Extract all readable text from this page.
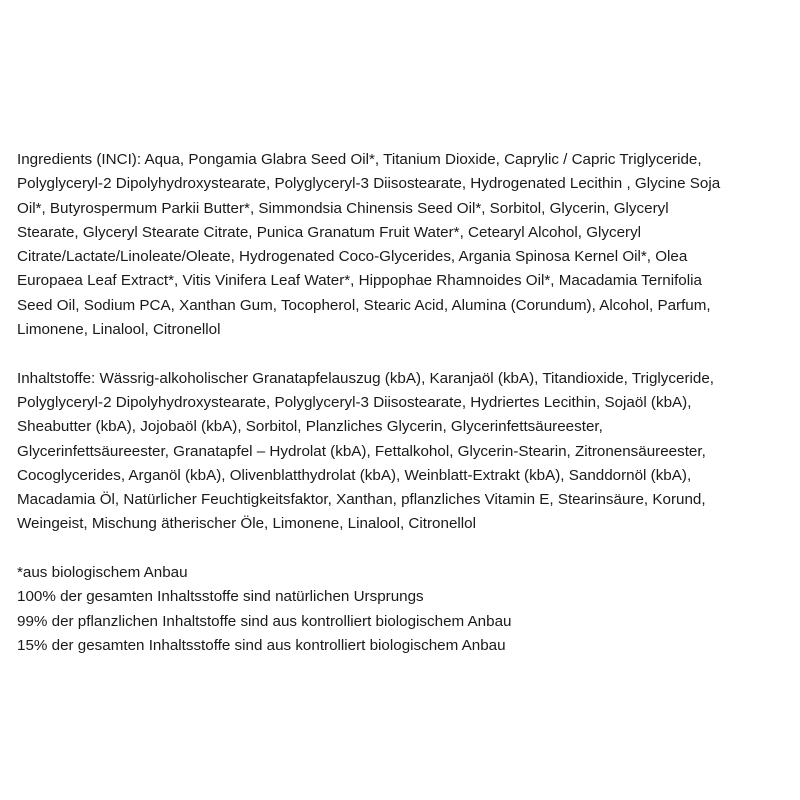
Ingredients (INCI): Aqua, Pongamia Glabra Seed Oil*, Titanium Dioxide, Caprylic / Capric Triglyceride,
Polyglyceryl-2 Dipolyhydroxystearate, Polyglyceryl-3 Diisostearate, Hydrogenated Lecithin , Glycine Soja
Oil*, Butyrospermum Parkii Butter*, Simmondsia Chinensis Seed Oil*, Sorbitol, Glycerin, Glyceryl
Stearate, Glyceryl Stearate Citrate, Punica Granatum Fruit Water*, Cetearyl Alcohol, Glyceryl
Citrate/Lactate/Linoleate/Oleate, Hydrogenated Coco-Glycerides, Argania Spinosa Kernel Oil*, Olea
Europaea Leaf Extract*, Vitis Vinifera Leaf Water*, Hippophae Rhamnoides Oil*, Macadamia Ternifolia
Seed Oil, Sodium PCA, Xanthan Gum, Tocopherol, Stearic Acid, Alumina (Corundum), Alcohol, Parfum,
Limonene, Linalool, Citronellol

Inhaltstoffe: Wässrig-alkoholischer Granatapfelauszug (kbA), Karanjaöl (kbA), Titandioxide, Triglyceride,
Polyglyceryl-2 Dipolyhydroxystearate, Polyglyceryl-3 Diisostearate, Hydriertes Lecithin, Sojaöl (kbA),
Sheabutter (kbA), Jojobaöl (kbA), Sorbitol, Planzliches Glycerin, Glycerinfettsäureester,
Glycerinfettsäureester, Granatapfel – Hydrolat (kbA), Fettalkohol, Glycerin-Stearin, Zitronensäureester,
Cocoglycerides, Arganöl (kbA), Olivenblatthydrolat (kbA), Weinblatt-Extrakt (kbA), Sanddornöl (kbA),
Macadamia Öl, Natürlicher Feuchtigkeitsfaktor, Xanthan, pflanzliches Vitamin E, Stearinsäure, Korund,
Weingeist, Mischung ätherischer Öle, Limonene, Linalool, Citronellol

*aus biologischem Anbau
100% der gesamten Inhaltsstoffe sind natürlichen Ursprungs
99% der pflanzlichen Inhaltstoffe sind aus kontrolliert biologischem Anbau
15% der gesamten Inhaltsstoffe sind aus kontrolliert biologischem Anbau
